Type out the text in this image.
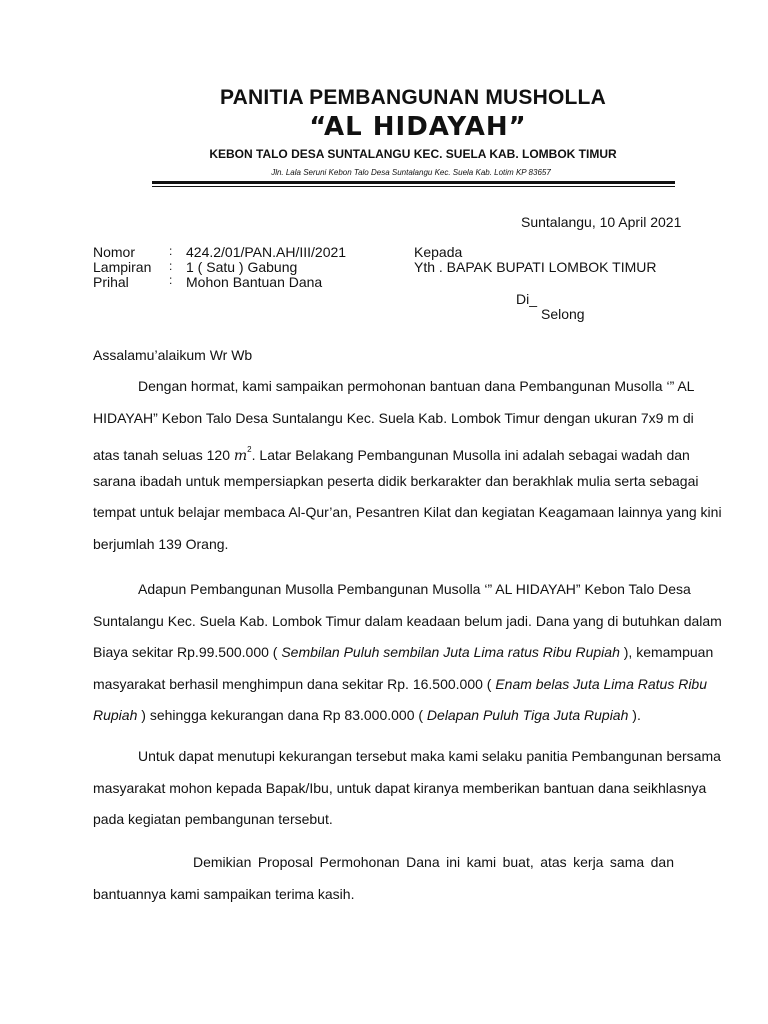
PANITIA PEMBANGUNAN MUSHOLLA
“AL HIDAYAH”
KEBON TALO DESA SUNTALANGU KEC. SUELA KAB. LOMBOK TIMUR
Jln. Lala Seruni Kebon Talo Desa Suntalangu Kec. Suela Kab. Lotim KP 83657
Suntalangu, 10 April 2021
Nomor	: 424.2/01/PAN.AH/III/2021
Lampiran : 1 ( Satu ) Gabung
Prihal	: Mohon Bantuan Dana
Kepada
Yth . BAPAK BUPATI LOMBOK TIMUR
Di_
Selong
Assalamu’alaikum Wr Wb
Dengan hormat, kami sampaikan permohonan bantuan dana Pembangunan Musolla ‘” AL
HIDAYAH” Kebon Talo Desa Suntalangu Kec. Suela Kab. Lombok Timur dengan ukuran 7x9 m di
atas tanah seluas 120 $m^2$. Latar Belakang Pembangunan Musolla ini adalah sebagai wadah dan
sarana ibadah untuk mempersiapkan peserta didik berkarakter dan berakhlak mulia serta sebagai
tempat untuk belajar membaca Al-Qur’an, Pesantren Kilat dan kegiatan Keagamaan lainnya yang kini
berjumlah 139 Orang.
Adapun Pembangunan Musolla Pembangunan Musolla ‘” AL HIDAYAH” Kebon Talo Desa
Suntalangu Kec. Suela Kab. Lombok Timur dalam keadaan belum jadi. Dana yang di butuhkan dalam
Biaya sekitar Rp.99.500.000 ( Sembilan Puluh sembilan Juta Lima ratus Ribu Rupiah ), kemampuan
masyarakat berhasil menghimpun dana sekitar Rp. 16.500.000 ( Enam belas Juta Lima Ratus Ribu
Rupiah ) sehingga kekurangan dana Rp 83.000.000 ( Delapan Puluh Tiga Juta Rupiah ).
Untuk dapat menutupi kekurangan tersebut maka kami selaku panitia Pembangunan bersama
masyarakat mohon kepada Bapak/Ibu, untuk dapat kiranya memberikan bantuan dana seikhlasnya
pada kegiatan pembangunan tersebut.
Demikian Proposal Permohonan Dana ini kami buat, atas kerja sama dan
bantuannya kami sampaikan terima kasih.
